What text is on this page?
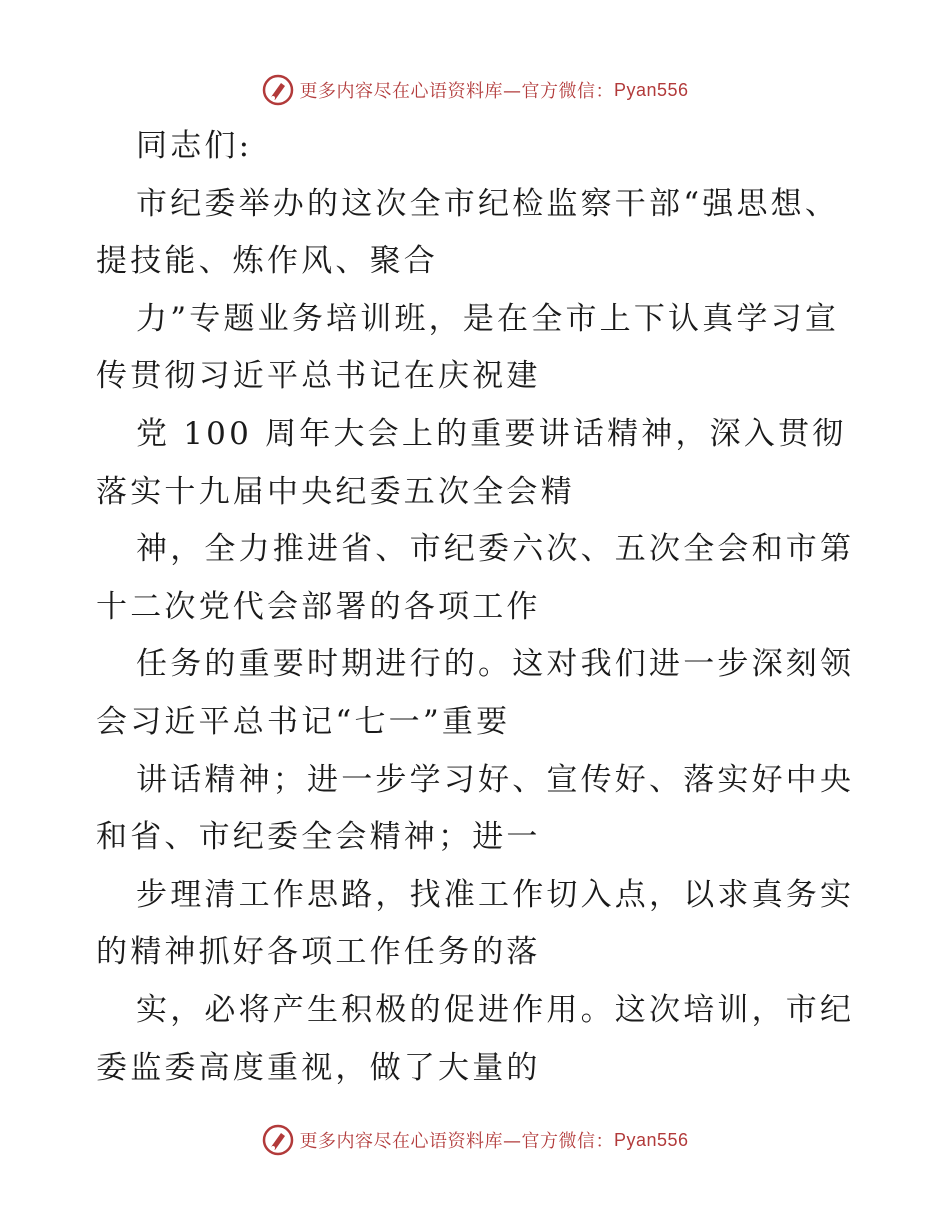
更多内容尽在心语资料库—官方微信： Pyan556
同志们:
市纪委举办的这次全市纪检监察干部“强思想、
提技能、炼作风、聚合
力”专题业务培训班，是在全市上下认真学习宣
传贯彻习近平总书记在庆祝建
党 100 周年大会上的重要讲话精神，深入贯彻
落实十九届中央纪委五次全会精
神，全力推进省、市纪委六次、五次全会和市第
十二次党代会部署的各项工作
任务的重要时期进行的。这对我们进一步深刻领
会习近平总书记“七一”重要
讲话精神；进一步学习好、宣传好、落实好中央
和省、市纪委全会精神；进一
步理清工作思路，找准工作切入点，以求真务实
的精神抓好各项工作任务的落
实，必将产生积极的促进作用。这次培训，市纪
委监委高度重视，做了大量的
更多内容尽在心语资料库—官方微信： Pyan556
